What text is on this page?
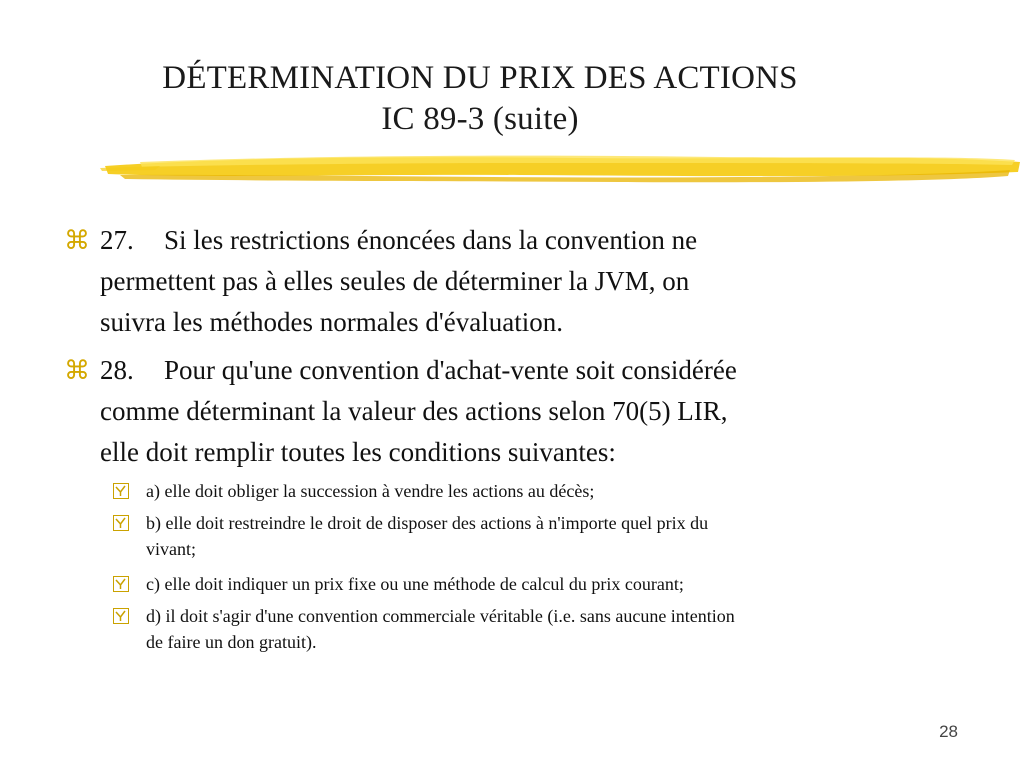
DÉTERMINATION DU PRIX DES ACTIONS
IC 89-3 (suite)
⌘ 27. Si les restrictions énoncées dans la convention ne
permettent pas à elles seules de déterminer la JVM, on
suivra les méthodes normales d'évaluation.
⌘ 28. Pour qu'une convention d'achat-vente soit considérée
comme déterminant la valeur des actions selon 70(5) LIR,
elle doit remplir toutes les conditions suivantes:
a) elle doit obliger la succession à vendre les actions au décès;
b) elle doit restreindre le droit de disposer des actions à n'importe quel prix du
vivant;
c) elle doit indiquer un prix fixe ou une méthode de calcul du prix courant;
d) il doit s'agir d'une convention commerciale véritable (i.e. sans aucune intention
de faire un don gratuit).
28
